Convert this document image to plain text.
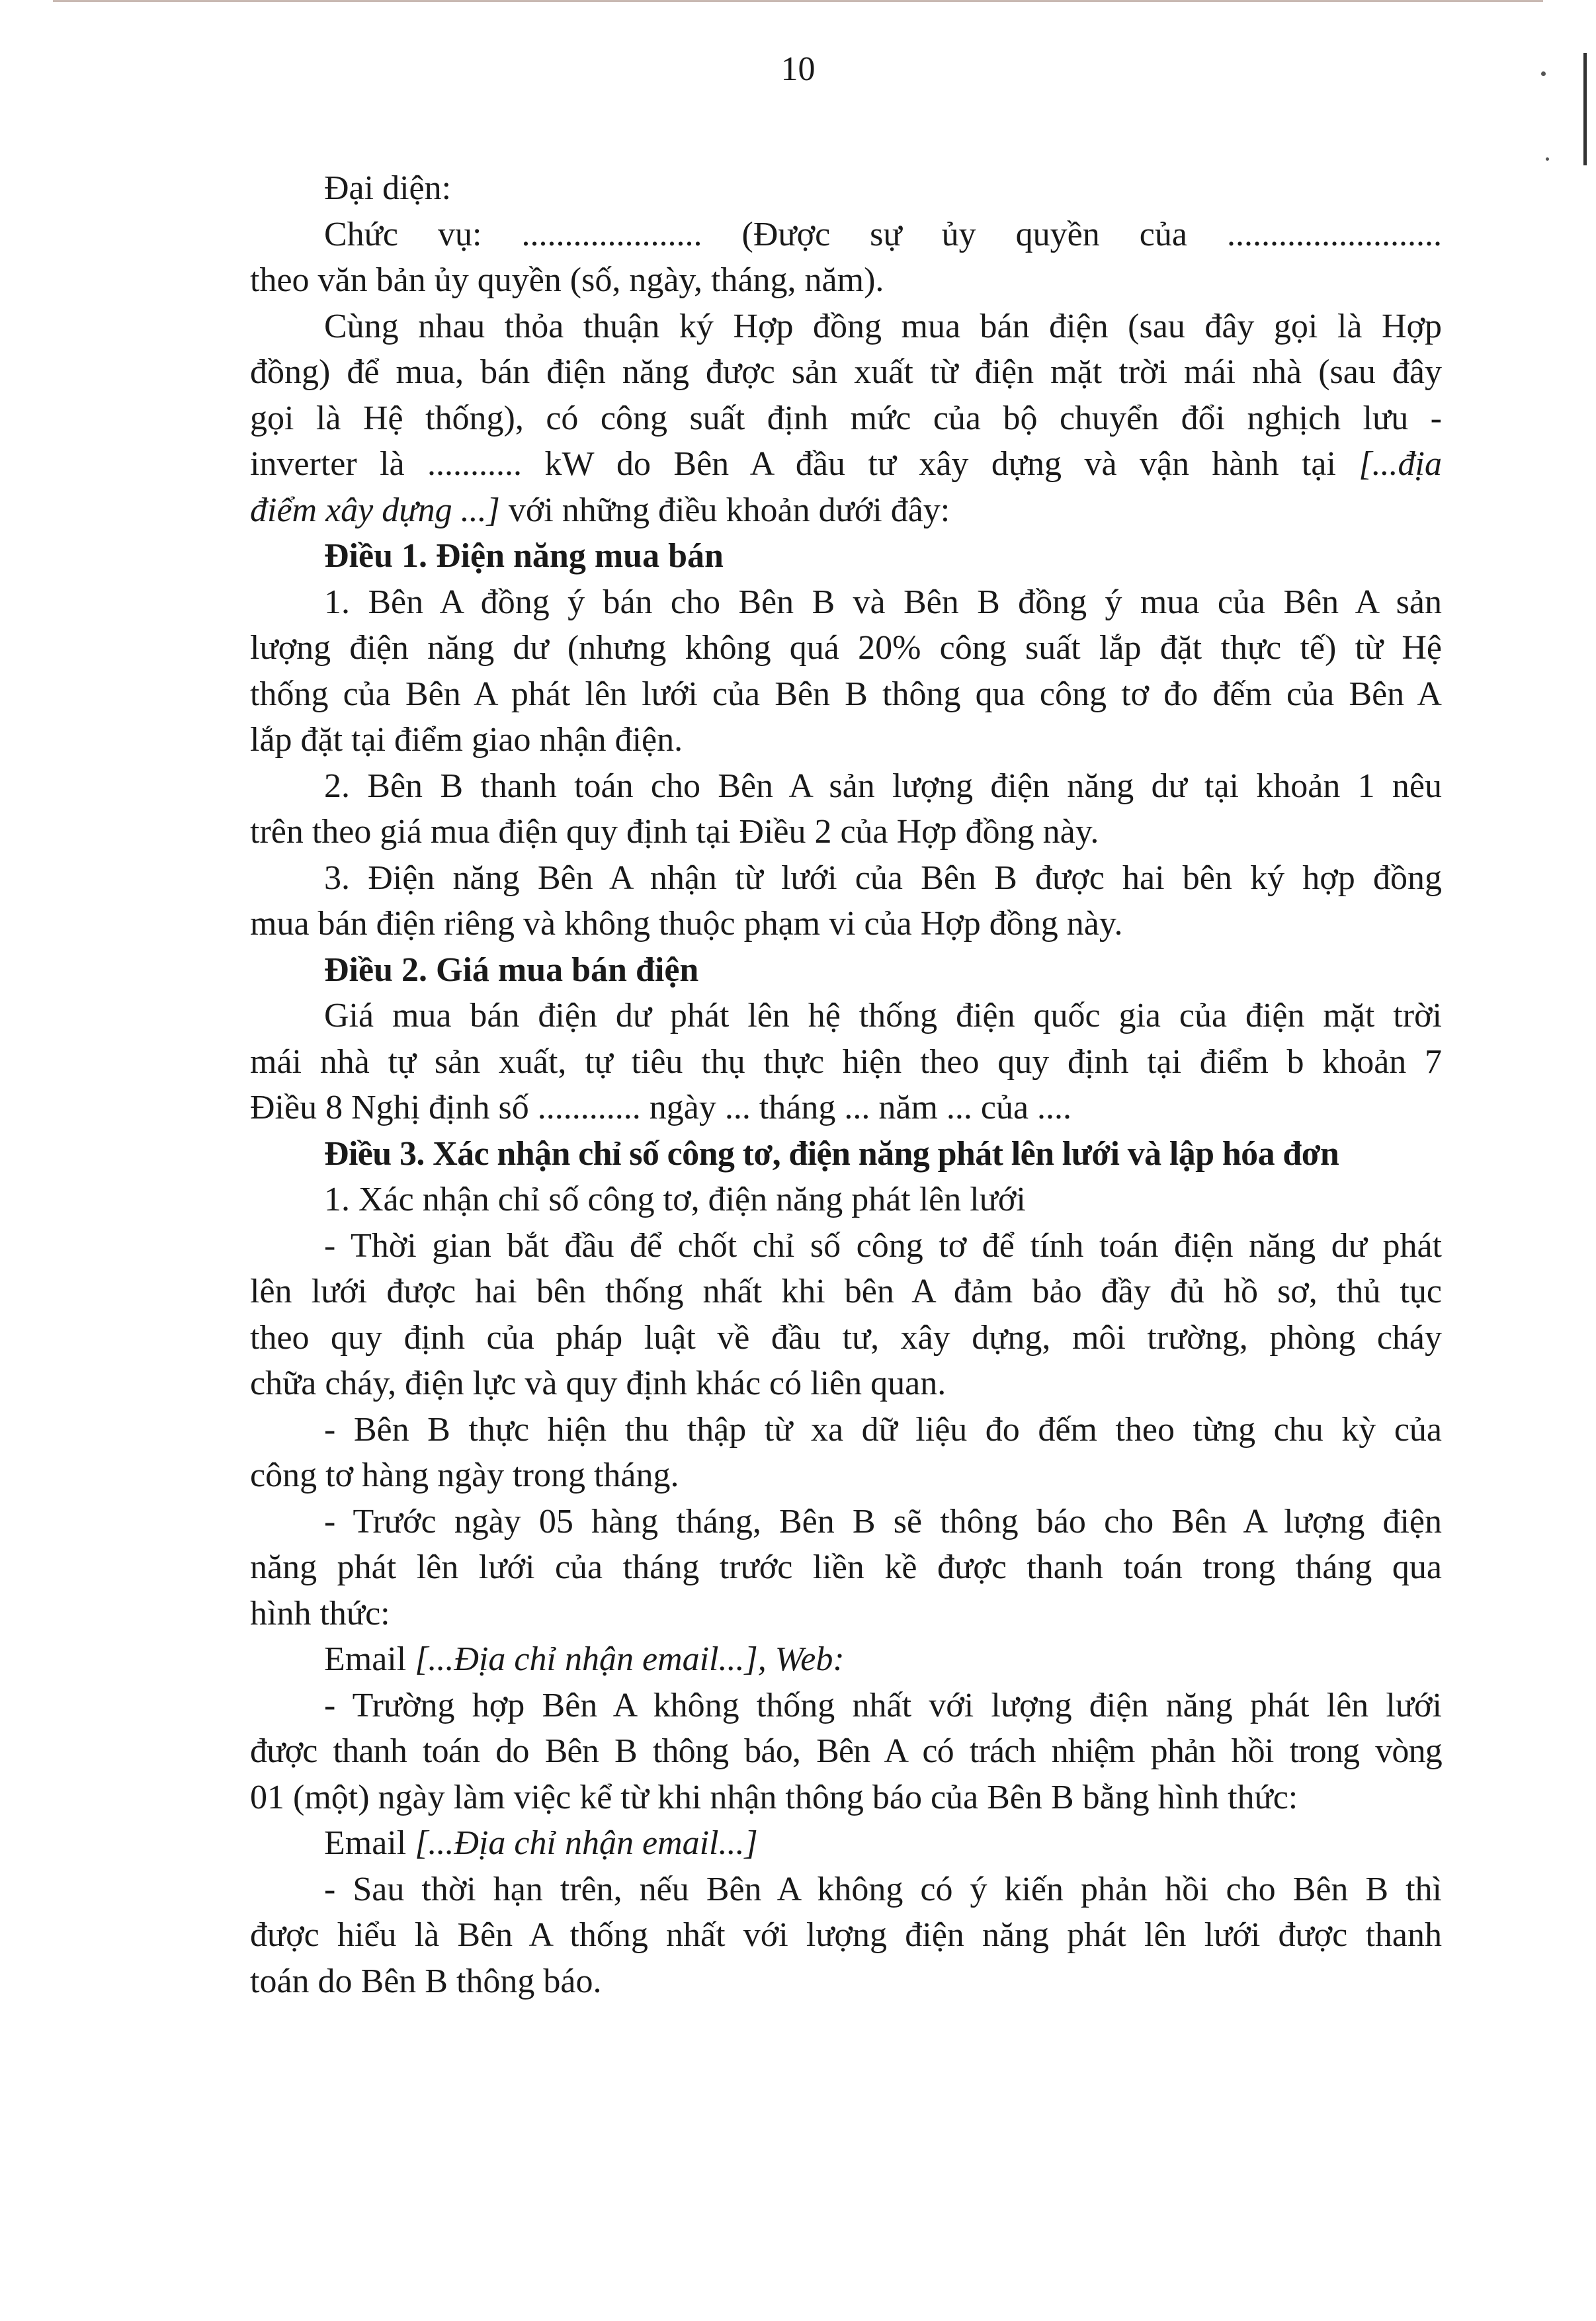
10

Đại diện:

Chức vụ: ..................... (Được sự ủy quyền của .........................
theo văn bản ủy quyền (số, ngày, tháng, năm).

Cùng nhau thỏa thuận ký Hợp đồng mua bán điện (sau đây gọi là Hợp
đồng) để mua, bán điện năng được sản xuất từ điện mặt trời mái nhà (sau đây
gọi là Hệ thống), có công suất định mức của bộ chuyển đổi nghịch lưu -
inverter là ........... kW do Bên A đầu tư xây dựng và vận hành tại [...địa
điểm xây dựng ...] với những điều khoản dưới đây:

Điều 1. Điện năng mua bán

1. Bên A đồng ý bán cho Bên B và Bên B đồng ý mua của Bên A sản
lượng điện năng dư (nhưng không quá 20% công suất lắp đặt thực tế) từ Hệ
thống của Bên A phát lên lưới của Bên B thông qua công tơ đo đếm của Bên A
lắp đặt tại điểm giao nhận điện.

2. Bên B thanh toán cho Bên A sản lượng điện năng dư tại khoản 1 nêu
trên theo giá mua điện quy định tại Điều 2 của Hợp đồng này.

3. Điện năng Bên A nhận từ lưới của Bên B được hai bên ký hợp đồng
mua bán điện riêng và không thuộc phạm vi của Hợp đồng này.

Điều 2. Giá mua bán điện

Giá mua bán điện dư phát lên hệ thống điện quốc gia của điện mặt trời
mái nhà tự sản xuất, tự tiêu thụ thực hiện theo quy định tại điểm b khoản 7
Điều 8 Nghị định số ............ ngày ... tháng ... năm ... của ....

Điều 3. Xác nhận chỉ số công tơ, điện năng phát lên lưới và lập hóa đơn

1. Xác nhận chỉ số công tơ, điện năng phát lên lưới

- Thời gian bắt đầu để chốt chỉ số công tơ để tính toán điện năng dư phát
lên lưới được hai bên thống nhất khi bên A đảm bảo đầy đủ hồ sơ, thủ tục
theo quy định của pháp luật về đầu tư, xây dựng, môi trường, phòng cháy
chữa cháy, điện lực và quy định khác có liên quan.

- Bên B thực hiện thu thập từ xa dữ liệu đo đếm theo từng chu kỳ của
công tơ hàng ngày trong tháng.

- Trước ngày 05 hàng tháng, Bên B sẽ thông báo cho Bên A lượng điện
năng phát lên lưới của tháng trước liền kề được thanh toán trong tháng qua
hình thức:

Email [...Địa chỉ nhận email...], Web:

- Trường hợp Bên A không thống nhất với lượng điện năng phát lên lưới
được thanh toán do Bên B thông báo, Bên A có trách nhiệm phản hồi trong vòng
01 (một) ngày làm việc kể từ khi nhận thông báo của Bên B bằng hình thức:

Email [...Địa chỉ nhận email...]

- Sau thời hạn trên, nếu Bên A không có ý kiến phản hồi cho Bên B thì
được hiểu là Bên A thống nhất với lượng điện năng phát lên lưới được thanh
toán do Bên B thông báo.
